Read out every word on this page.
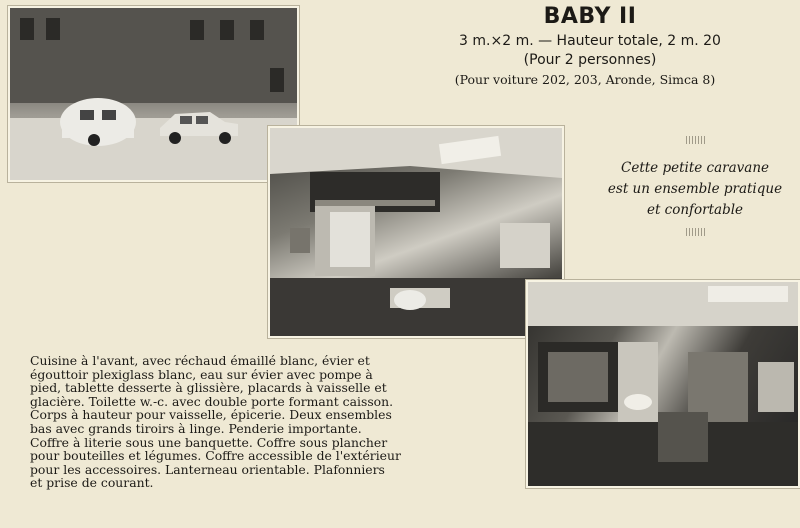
BABY II
3 m.×2 m. — Hauteur totale, 2 m. 20
(Pour 2 personnes)
(Pour voiture 202, 203, Aronde, Simca 8)
Cette petite caravane
est un ensemble pratique
et confortable
Cuisine à l'avant, avec réchaud émaillé blanc, évier et
égouttoir plexiglass blanc, eau sur évier avec pompe à
pied, tablette desserte à glissière, placards à vaisselle et
glacière. Toilette w.-c. avec double porte formant caisson.
Corps à hauteur pour vaisselle, épicerie. Deux ensembles
bas avec grands tiroirs à linge. Penderie importante.
Coffre à literie sous une banquette. Coffre sous plancher
pour bouteilles et légumes. Coffre accessible de l'extérieur
pour les accessoires. Lanterneau orientable. Plafonniers
et prise de courant.
